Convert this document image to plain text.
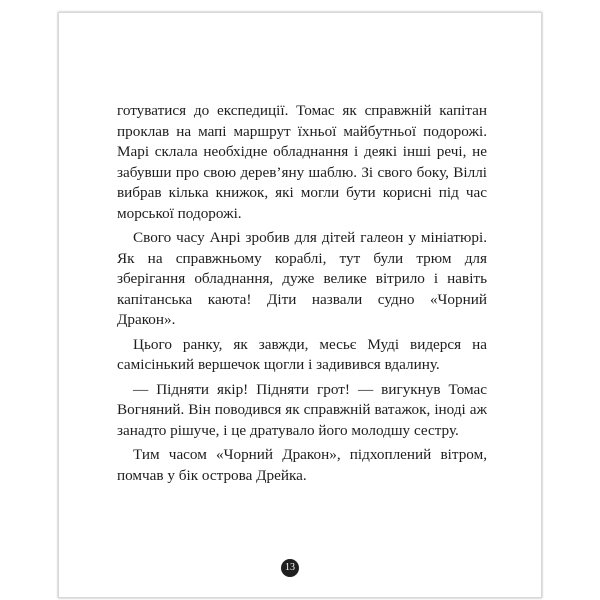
готуватися до експедиції. Томас як справжній капітан проклав на мапі маршрут їхньої майбутньої подорожі. Марі склала необхідне обладнання і деякі інші речі, не забувши про свою дерев’яну шаблю. Зі свого боку, Віллі вибрав кілька книжок, які могли бути корисні під час морської подорожі.

Свого часу Анрі зробив для дітей галеон у мініатюрі. Як на справжньому кораблі, тут були трюм для зберігання обладнання, дуже велике вітрило і навіть капітанська каюта! Діти назвали судно «Чорний Дракон».

Цього ранку, як завжди, месьє Муді видерся на самісінький вершечок щогли і задивився вдалину.

— Підняти якір! Підняти грот! — вигукнув Томас Вогняний. Він поводився як справжній ватажок, іноді аж занадто рішуче, і це дратувало його молодшу сестру.

Тим часом «Чорний Дракон», підхоплений вітром, помчав у бік острова Дрейка.

13
